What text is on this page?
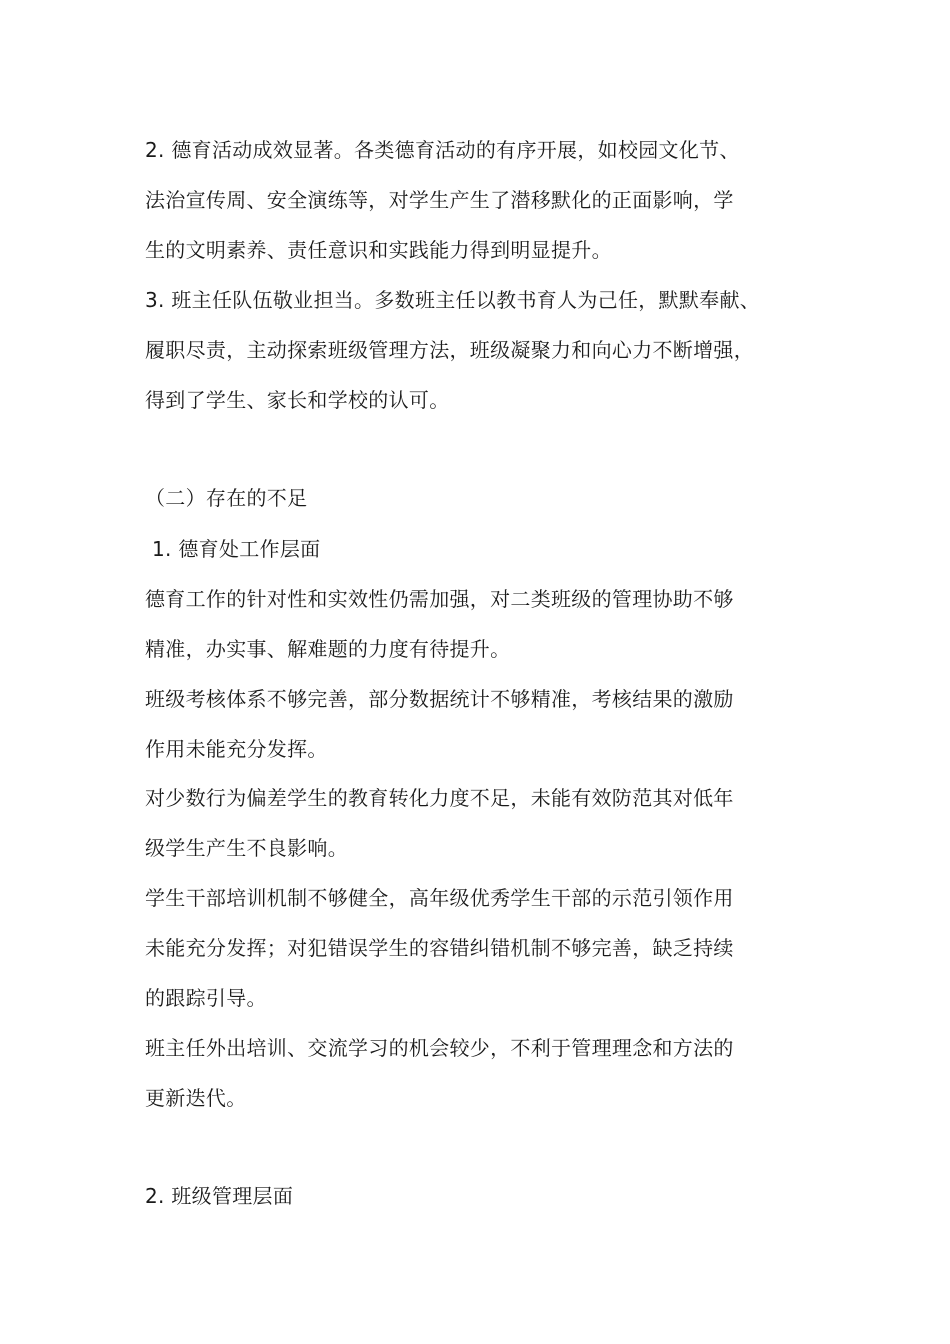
2. 德育活动成效显著。各类德育活动的有序开展，如校园文化节、
法治宣传周、安全演练等，对学生产生了潜移默化的正面影响，学
生的文明素养、责任意识和实践能力得到明显提升。
3. 班主任队伍敬业担当。多数班主任以教书育人为己任，默默奉献、
履职尽责，主动探索班级管理方法，班级凝聚力和向心力不断增强，
得到了学生、家长和学校的认可。
（二）存在的不足
1. 德育处工作层面
德育工作的针对性和实效性仍需加强，对二类班级的管理协助不够
精准，办实事、解难题的力度有待提升。
班级考核体系不够完善，部分数据统计不够精准，考核结果的激励
作用未能充分发挥。
对少数行为偏差学生的教育转化力度不足，未能有效防范其对低年
级学生产生不良影响。
学生干部培训机制不够健全，高年级优秀学生干部的示范引领作用
未能充分发挥；对犯错误学生的容错纠错机制不够完善，缺乏持续
的跟踪引导。
班主任外出培训、交流学习的机会较少，不利于管理理念和方法的
更新迭代。
2. 班级管理层面
